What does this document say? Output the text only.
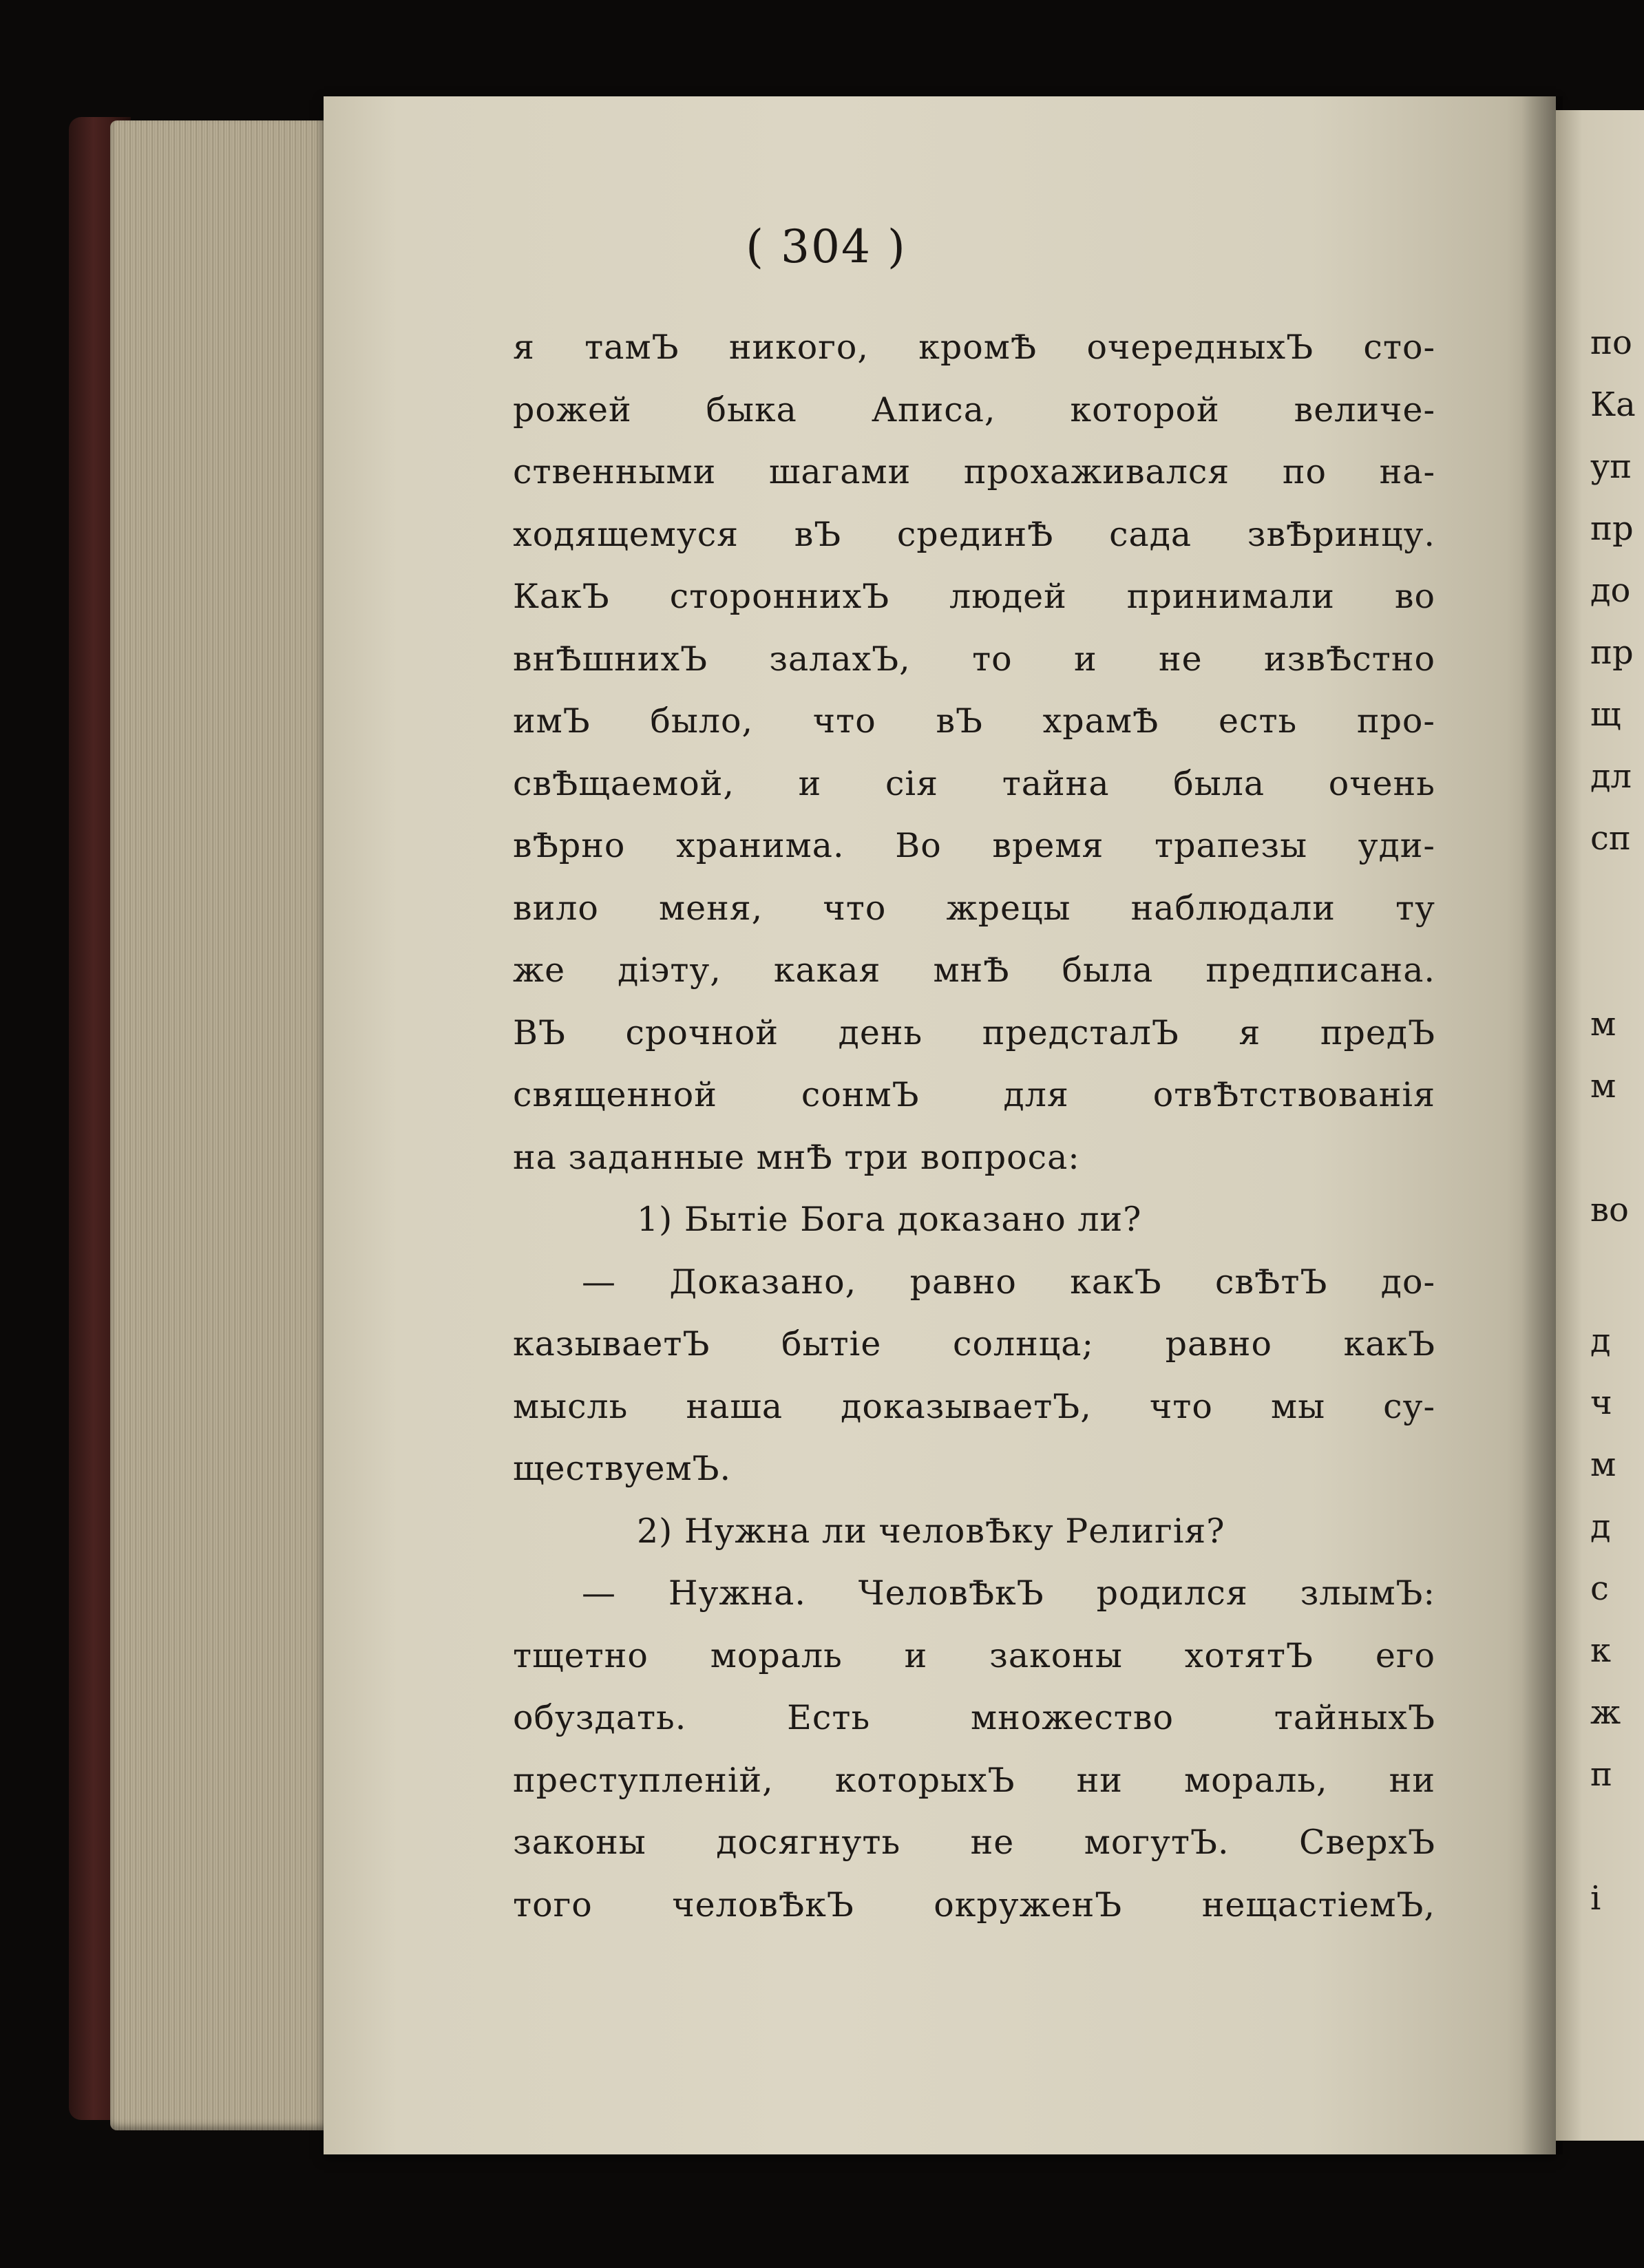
( 304 )
я тамЪ никого, кромѢ очередныхЪ сто-
рожей быка Аписа, которой величе-
ственными шагами прохаживался по на-
ходящемуся вЪ срединѢ сада звѢринцу.
КакЪ стороннихЪ людей принимали во
внѢшнихЪ залахЪ, то и не извѢстно
имЪ было, что вЪ храмѢ есть про-
свѢщаемой, и сія тайна была очень
вѢрно хранима. Во время трапезы уди-
вило меня, что жрецы наблюдали ту
же діэту, какая мнѢ была предписана.
ВЪ срочной день предсталЪ я предЪ
священной сонмЪ для отвѢтствованія
на заданные мнѢ три вопроса:
1) Бытіе Бога доказано ли?
— Доказано, равно какЪ свѢтЪ до-
казываетЪ бытіе солнца; равно какЪ
мысль наша доказываетЪ, что мы су-
ществуемЪ.
2) Нужна ли человѢку Религія?
— Нужна. ЧеловѢкЪ родился злымЪ:
тщетно мораль и законы хотятЪ его
обуздать. Есть множество тайныхЪ
преступленій, которыхЪ ни мораль, ни
законы досягнуть не могутЪ. СверхЪ
того человѢкЪ окруженЪ нещастіемЪ,
по
Ка
уп
пр
до
пр
щ
дл
сп
м
м
во
д
ч
м
д
с
к
ж
п
і
